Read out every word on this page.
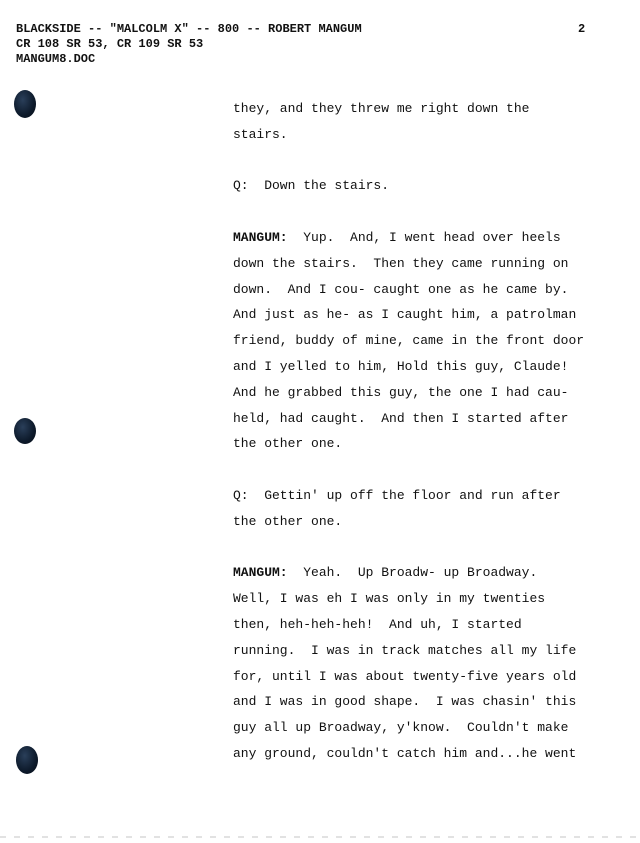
BLACKSIDE -- "MALCOLM X" -- 800 -- ROBERT MANGUM
CR 108 SR 53, CR 109 SR 53
MANGUM8.DOC
2
they, and they threw me right down the
stairs.
Q:  Down the stairs.
MANGUM:  Yup.  And, I went head over heels
down the stairs.  Then they came running on
down.  And I cou- caught one as he came by.
And just as he- as I caught him, a patrolman
friend, buddy of mine, came in the front door
and I yelled to him, Hold this guy, Claude!
And he grabbed this guy, the one I had cau-
held, had caught.  And then I started after
the other one.
Q:  Gettin' up off the floor and run after
the other one.
MANGUM:  Yeah.  Up Broadw- up Broadway.
Well, I was eh I was only in my twenties
then, heh-heh-heh!  And uh, I started
running.  I was in track matches all my life
for, until I was about twenty-five years old
and I was in good shape.  I was chasin' this
guy all up Broadway, y'know.  Couldn't make
any ground, couldn't catch him and...he went
